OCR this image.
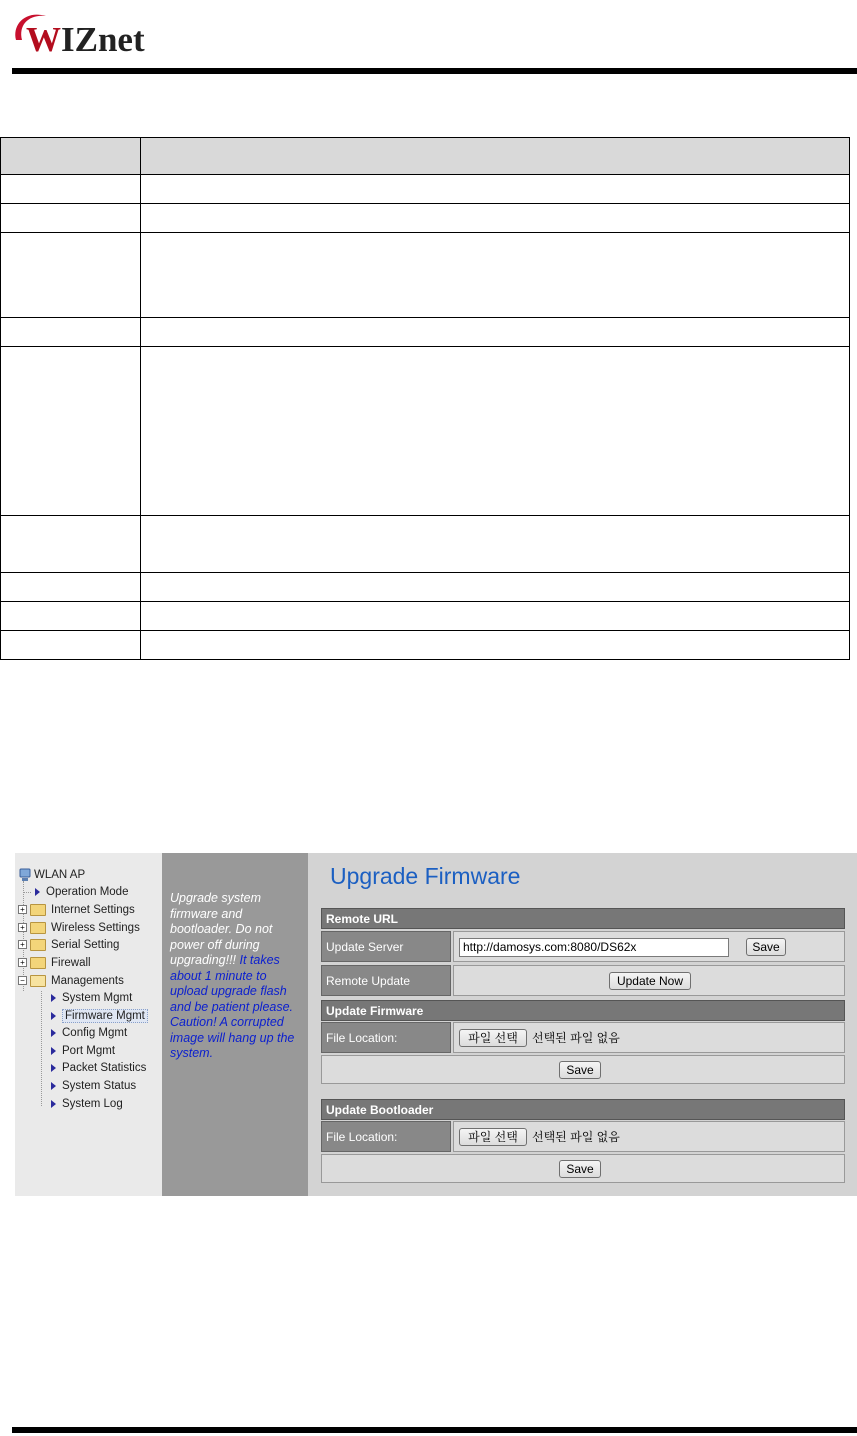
WIZnet

WLAN AP
Operation Mode
+ Internet Settings
+ Wireless Settings
+ Serial Setting
+ Firewall
− Managements
System Mgmt
Firmware Mgmt
Config Mgmt
Port Mgmt
Packet Statistics
System Status
System Log
Upgrade system firmware and bootloader. Do not power off during upgrading!!! It takes about 1 minute to upload upgrade flash and be patient please. Caution! A corrupted image will hang up the system.
Upgrade Firmware
Remote URL
Update Server	http://damosys.com:8080/DS62x	Save
Remote Update	Update Now
Update Firmware
File Location:	파일 선택	선택된 파일 없음
Save
Update Bootloader
File Location:	파일 선택	선택된 파일 없음
Save
